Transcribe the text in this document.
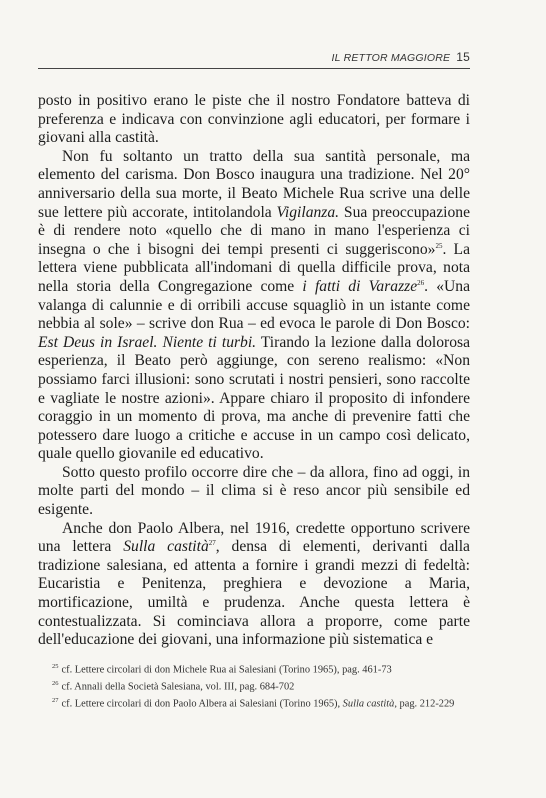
IL RETTOR MAGGIORE 15

posto in positivo erano le piste che il nostro Fondatore batteva di preferenza e indicava con convinzione agli educatori, per formare i giovani alla castità.

Non fu soltanto un tratto della sua santità personale, ma elemento del carisma. Don Bosco inaugura una tradizione. Nel 20° anniversario della sua morte, il Beato Michele Rua scrive una delle sue lettere più accorate, intitolandola Vigilanza. Sua preoccupazione è di rendere noto «quello che di mano in mano l'esperienza ci insegna o che i bisogni dei tempi presenti ci suggeriscono»$^{25}$. La lettera viene pubblicata all'indomani di quella difficile prova, nota nella storia della Congregazione come i fatti di Varazze$^{26}$. «Una valanga di calunnie e di orribili accuse squagliò in un istante come nebbia al sole» – scrive don Rua – ed evoca le parole di Don Bosco: Est Deus in Israel. Niente ti turbi. Tirando la lezione dalla dolorosa esperienza, il Beato però aggiunge, con sereno realismo: «Non possiamo farci illusioni: sono scrutati i nostri pensieri, sono raccolte e vagliate le nostre azioni». Appare chiaro il proposito di infondere coraggio in un momento di prova, ma anche di prevenire fatti che potessero dare luogo a critiche e accuse in un campo così delicato, quale quello giovanile ed educativo.

Sotto questo profilo occorre dire che – da allora, fino ad oggi, in molte parti del mondo – il clima si è reso ancor più sensibile ed esigente.

Anche don Paolo Albera, nel 1916, credette opportuno scrivere una lettera Sulla castità$^{27}$, densa di elementi, derivanti dalla tradizione salesiana, ed attenta a fornire i grandi mezzi di fedeltà: Eucaristia e Penitenza, preghiera e devozione a Maria, mortificazione, umiltà e prudenza. Anche questa lettera è contestualizzata. Si cominciava allora a proporre, come parte dell'educazione dei giovani, una informazione più sistematica e

$^{25}$ cf. Lettere circolari di don Michele Rua ai Salesiani (Torino 1965), pag. 461-73
$^{26}$ cf. Annali della Società Salesiana, vol. III, pag. 684-702
$^{27}$ cf. Lettere circolari di don Paolo Albera ai Salesiani (Torino 1965), Sulla castità, pag. 212-229
